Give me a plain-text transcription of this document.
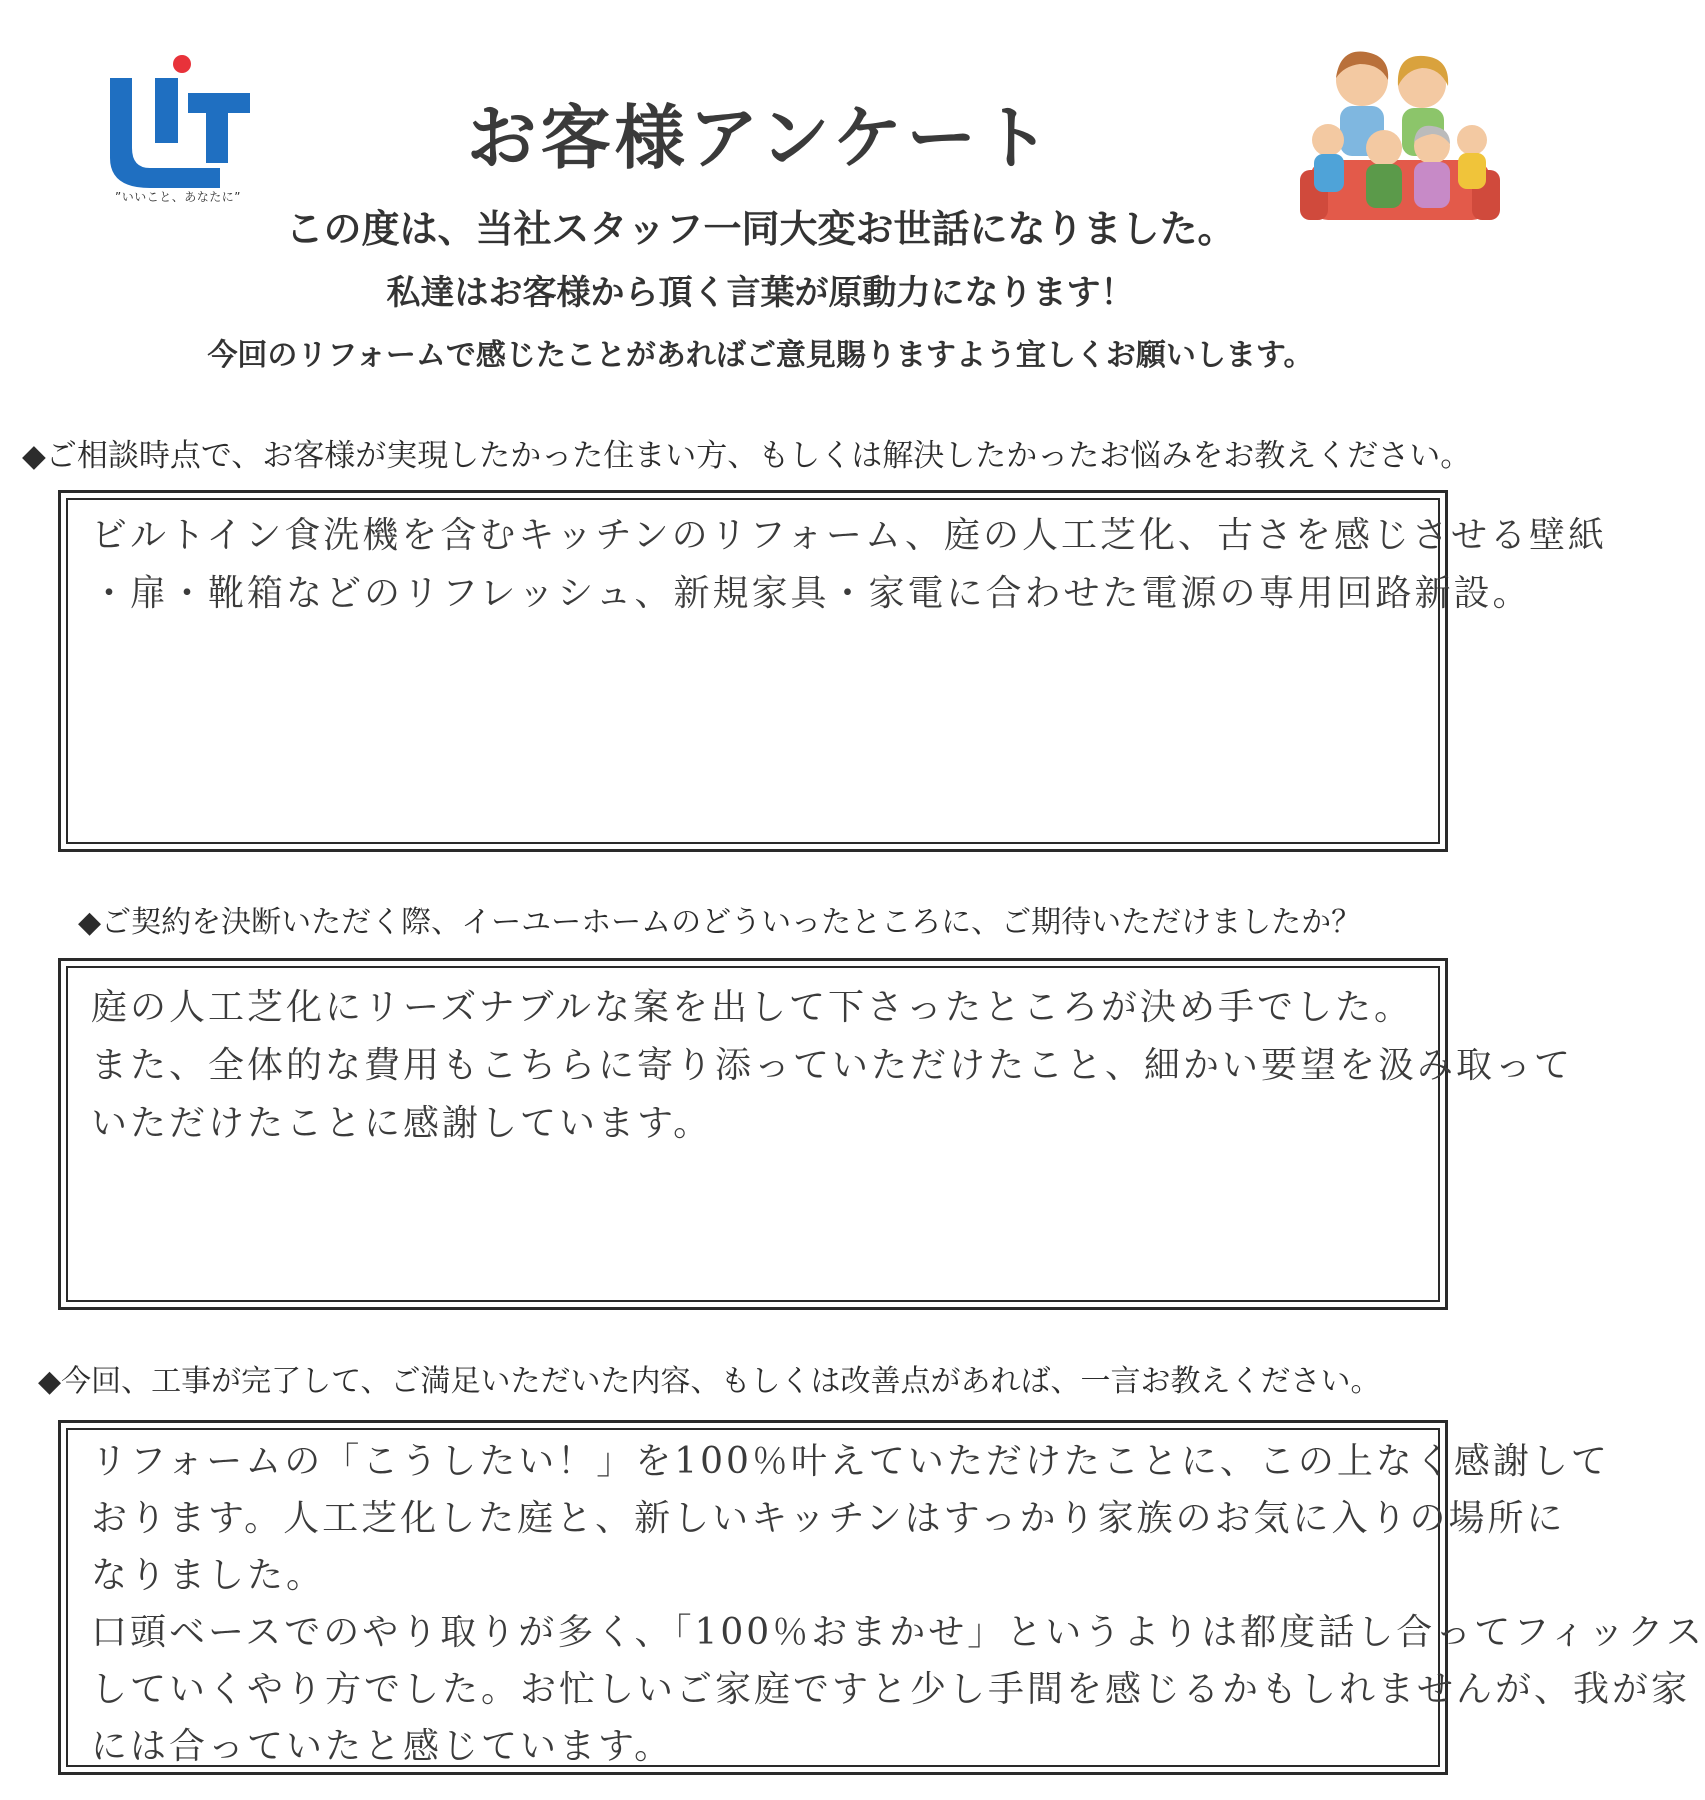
”いいこと、あなたに”
お客様アンケート
この度は、当社スタッフ一同大変お世話になりました。
私達はお客様から頂く言葉が原動力になります！
今回のリフォームで感じたことがあればご意見賜りますよう宜しくお願いします。
◆ご相談時点で、お客様が実現したかった住まい方、もしくは解決したかったお悩みをお教えください。

ビルトイン食洗機を含むキッチンのリフォーム、庭の人工芝化、古さを感じさせる壁紙

・扉・靴箱などのリフレッシュ、新規家具・家電に合わせた電源の専用回路新設。

◆ご契約を決断いただく際、イーユーホームのどういったところに、ご期待いただけましたか？

庭の人工芝化にリーズナブルな案を出して下さったところが決め手でした。

また、全体的な費用もこちらに寄り添っていただけたこと、細かい要望を汲み取って

いただけたことに感謝しています。

◆今回、工事が完了して、ご満足いただいた内容、もしくは改善点があれば、一言お教えください。

リフォームの「こうしたい！」を100％叶えていただけたことに、この上なく感謝して

おります。人工芝化した庭と、新しいキッチンはすっかり家族のお気に入りの場所に

なりました。

口頭ベースでのやり取りが多く、「100％おまかせ」というよりは都度話し合ってフィックス

していくやり方でした。お忙しいご家庭ですと少し手間を感じるかもしれませんが、我が家

には合っていたと感じています。
